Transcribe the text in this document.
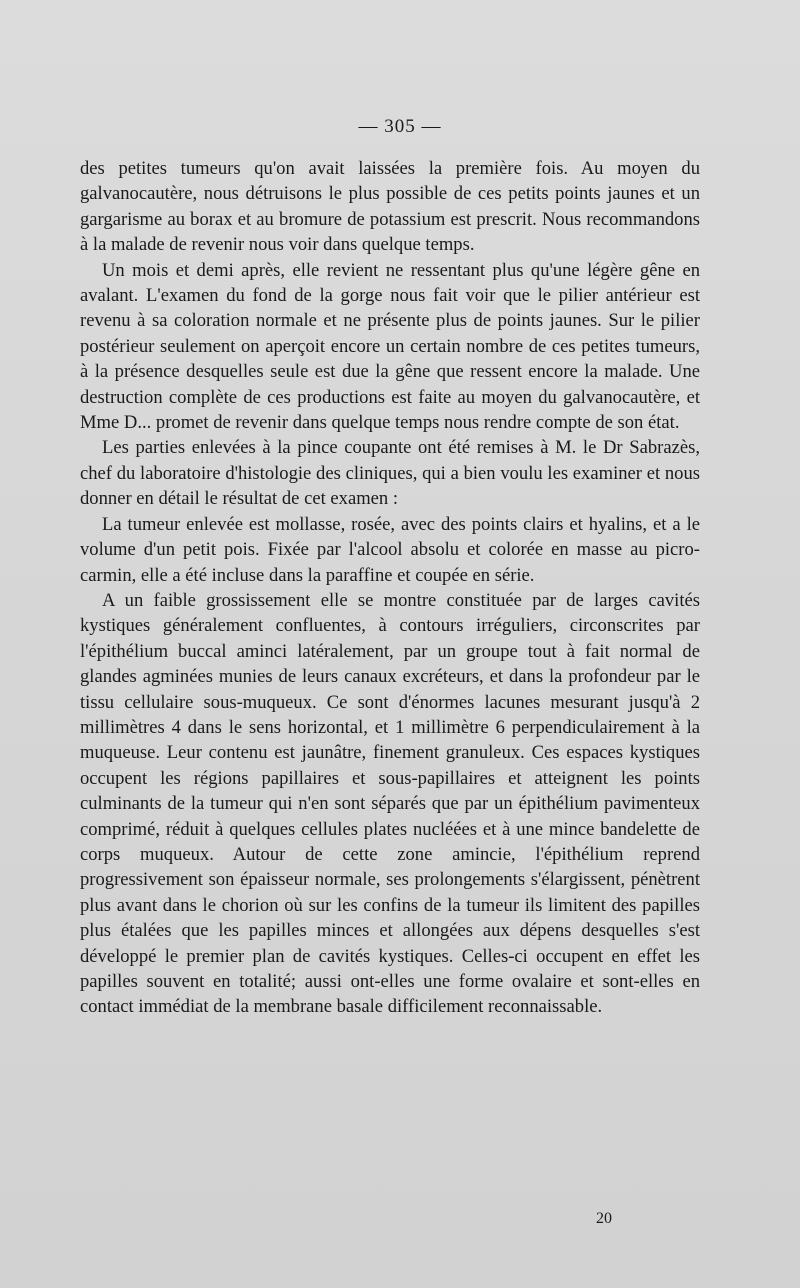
— 305 —

des petites tumeurs qu'on avait laissées la première fois. Au moyen du galvanocautère, nous détruisons le plus possible de ces petits points jaunes et un gargarisme au borax et au bromure de potassium est prescrit. Nous recommandons à la malade de revenir nous voir dans quelque temps.

Un mois et demi après, elle revient ne ressentant plus qu'une légère gêne en avalant. L'examen du fond de la gorge nous fait voir que le pilier antérieur est revenu à sa coloration normale et ne présente plus de points jaunes. Sur le pilier postérieur seulement on aperçoit encore un certain nombre de ces petites tumeurs, à la présence desquelles seule est due la gêne que ressent encore la malade. Une destruction complète de ces productions est faite au moyen du galvanocautère, et Mme D... promet de revenir dans quelque temps nous rendre compte de son état.

Les parties enlevées à la pince coupante ont été remises à M. le Dr Sabrazès, chef du laboratoire d'histologie des cliniques, qui a bien voulu les examiner et nous donner en détail le résultat de cet examen :

La tumeur enlevée est mollasse, rosée, avec des points clairs et hyalins, et a le volume d'un petit pois. Fixée par l'alcool absolu et colorée en masse au picro-carmin, elle a été incluse dans la paraffine et coupée en série.

A un faible grossissement elle se montre constituée par de larges cavités kystiques généralement confluentes, à contours irréguliers, circonscrites par l'épithélium buccal aminci latéralement, par un groupe tout à fait normal de glandes agminées munies de leurs canaux excréteurs, et dans la profondeur par le tissu cellulaire sous-muqueux. Ce sont d'énormes lacunes mesurant jusqu'à 2 millimètres 4 dans le sens horizontal, et 1 millimètre 6 perpendiculairement à la muqueuse. Leur contenu est jaunâtre, finement granuleux. Ces espaces kystiques occupent les régions papillaires et sous-papillaires et atteignent les points culminants de la tumeur qui n'en sont séparés que par un épithélium pavimenteux comprimé, réduit à quelques cellules plates nucléées et à une mince bandelette de corps muqueux. Autour de cette zone amincie, l'épithélium reprend progressivement son épaisseur normale, ses prolongements s'élargissent, pénètrent plus avant dans le chorion où sur les confins de la tumeur ils limitent des papilles plus étalées que les papilles minces et allongées aux dépens desquelles s'est développé le premier plan de cavités kystiques. Celles-ci occupent en effet les papilles souvent en totalité; aussi ont-elles une forme ovalaire et sont-elles en contact immédiat de la membrane basale difficilement reconnaissable.

20
